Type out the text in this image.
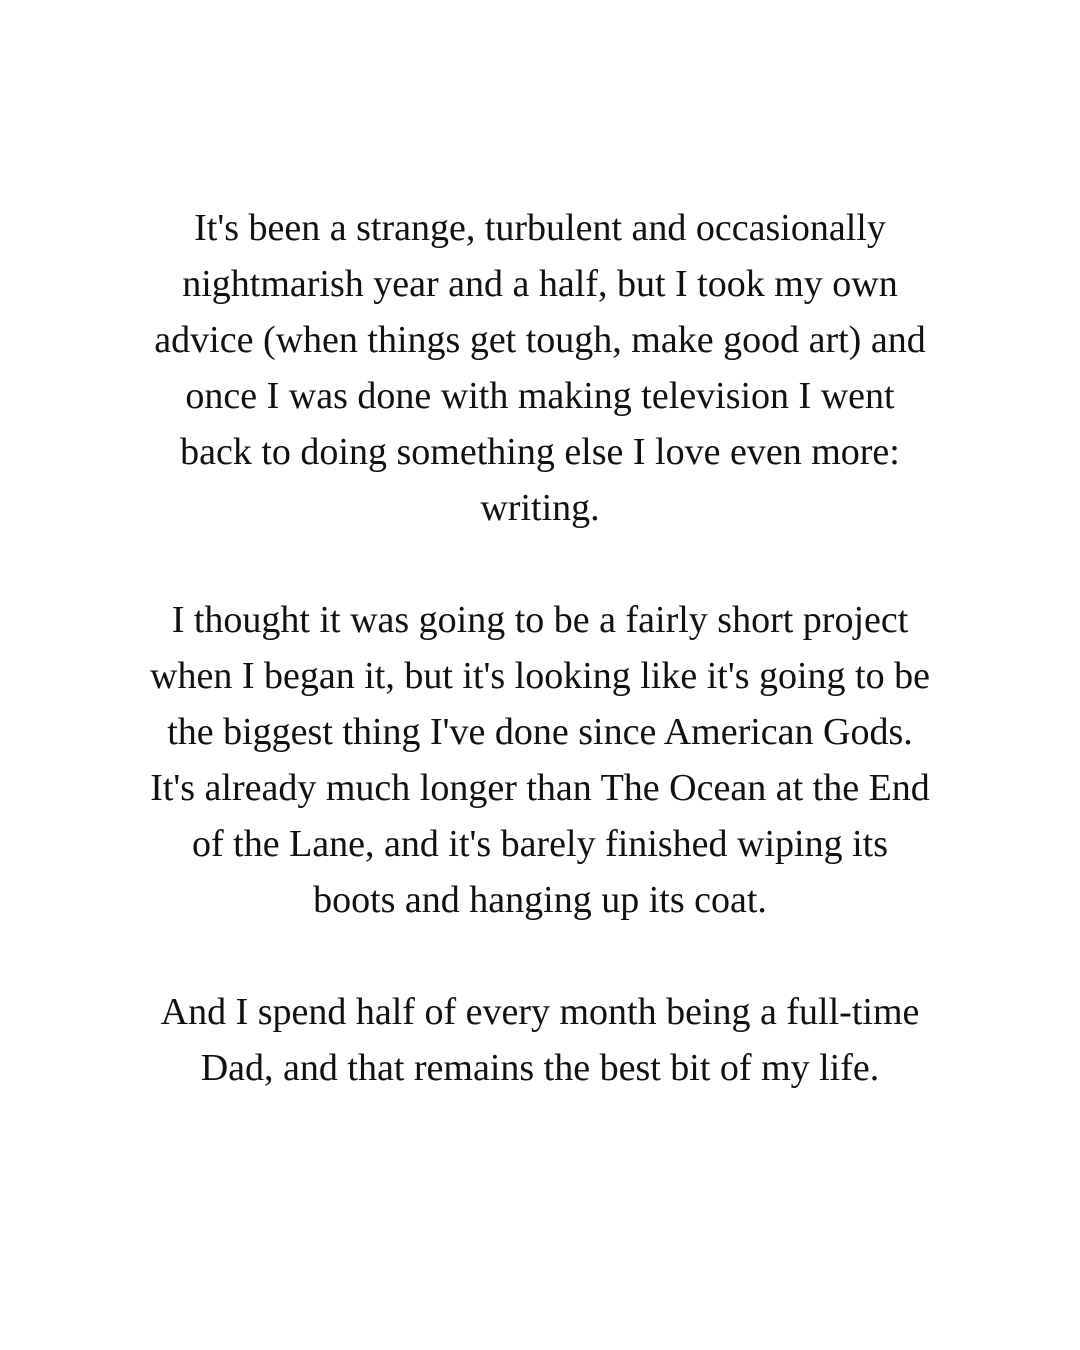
It's been a strange, turbulent and occasionally
nightmarish year and a half, but I took my own
advice (when things get tough, make good art) and
once I was done with making television I went
back to doing something else I love even more:
writing.

I thought it was going to be a fairly short project
when I began it, but it's looking like it's going to be
the biggest thing I've done since American Gods.
It's already much longer than The Ocean at the End
of the Lane, and it's barely finished wiping its
boots and hanging up its coat.

And I spend half of every month being a full-time
Dad, and that remains the best bit of my life.
